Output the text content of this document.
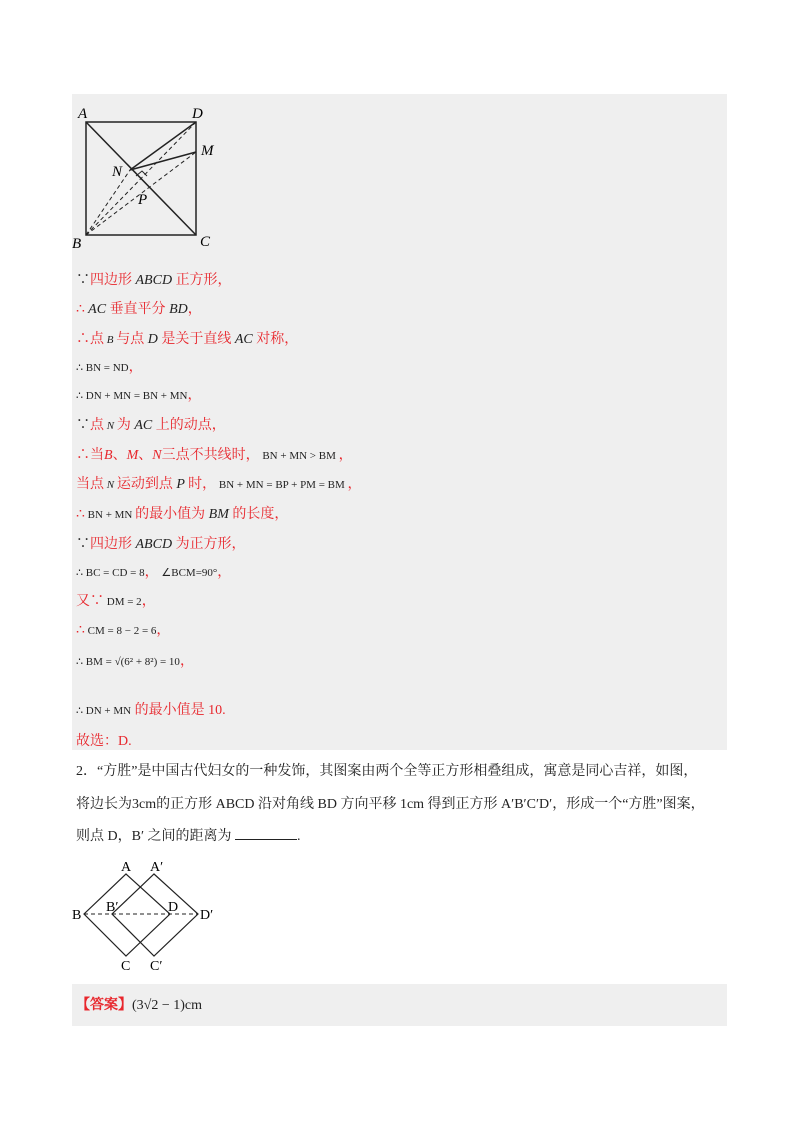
A	D
M
N
P
B	C
∵四边形 ABCD 正方形，
∴ AC 垂直平分 BD，
∴点 B 与点 D 是关于直线 AC 对称，
∴ BN = ND，
∴ DN + MN = BN + MN，
∵点 N 为 AC 上的动点，
∴当B、M、N三点不共线时， BN + MN > BM ，
当点 N 运动到点 P 时， BN + MN = BP + PM = BM ，
∴ BN + MN 的最小值为 BM 的长度，
∵四边形 ABCD 为正方形，
∴ BC = CD = 8， ∠BCM=90°，
又∵ DM = 2，
∴ CM = 8 − 2 = 6，
∴ BM = √(6² + 8²) = 10，
∴ DN + MN 的最小值是 10.
故选：D.
2．“方胜”是中国古代妇女的一种发饰，其图案由两个全等正方形相叠组成，寓意是同心吉祥，如图，
将边长为3cm的正方形 ABCD 沿对角线 BD 方向平移 1cm 得到正方形 A′B′C′D′，形成一个“方胜”图案，
则点 D，B′ 之间的距离为	.
A A′
B
B′	D
D′
C C′
【答案】(3√2 − 1)cm
